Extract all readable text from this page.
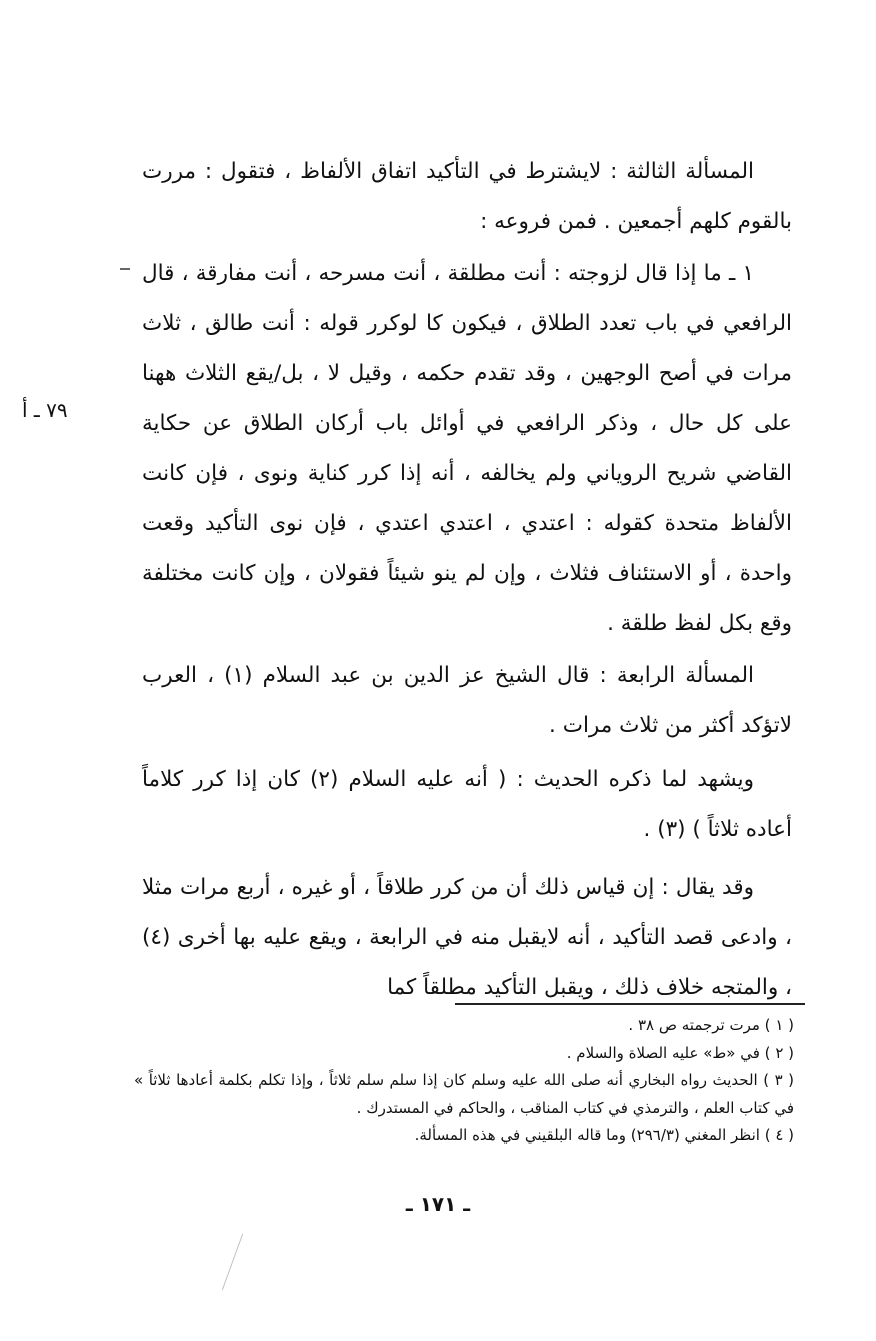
المسألة الثالثة : لايشترط في التأكيد اتفاق الألفاظ ، فتقول : مررت بالقوم كلهم أجمعين . فمن فروعه :

١ ـ ما إذا قال لزوجته : أنت مطلقة ، أنت مسرحه ، أنت مفارقة ، قال الرافعي في باب تعدد الطلاق ، فيكون كا لوكرر قوله : أنت طالق ، ثلاث مرات في أصح الوجهين ، وقد تقدم حكمه ، وقيل لا ، بل/يقع الثلاث ههنا على كل حال ، وذكر الرافعي في أوائل باب أركان الطلاق عن حكاية القاضي شريح الروياني ولم يخالفه ، أنه إذا كرر كناية ونوى ، فإن كانت الألفاظ متحدة كقوله : اعتدي ، اعتدي اعتدي ، فإن نوى التأكيد وقعت واحدة ، أو الاستئناف فثلاث ، وإن لم ينو شيئاً فقولان ، وإن كانت مختلفة وقع بكل لفظ طلقة .

المسألة الرابعة : قال الشيخ عز الدين بن عبد السلام (١) ، العرب لاتؤكد أكثر من ثلاث مرات .

ويشهد لما ذكره الحديث : ( أنه عليه السلام (٢) كان إذا كرر كلاماً أعاده ثلاثاً ) (٣) .

وقد يقال : إن قياس ذلك أن من كرر طلاقاً ، أو غيره ، أربع مرات مثلا ، وادعى قصد التأكيد ، أنه لايقبل منه في الرابعة ، ويقع عليه بها أخرى (٤) ، والمتجه خلاف ذلك ، ويقبل التأكيد مطلقاً كما

٧٩ ـ أ

( ١ ) مرت ترجمته ص ٣٨ .

( ٢ ) في «ط» عليه الصلاة والسلام .

( ٣ ) الحديث رواه البخاري أنه صلى الله عليه وسلم كان إذا سلم سلم ثلاثاً ، وإذا تكلم بكلمة أعادها ثلاثاً » في كتاب العلم ، والترمذي في كتاب المناقب ، والحاكم في المستدرك .

( ٤ ) انظر المغني (٢٩٦/٣) وما قاله البلقيني في هذه المسألة.

ـ ١٧١ ـ
